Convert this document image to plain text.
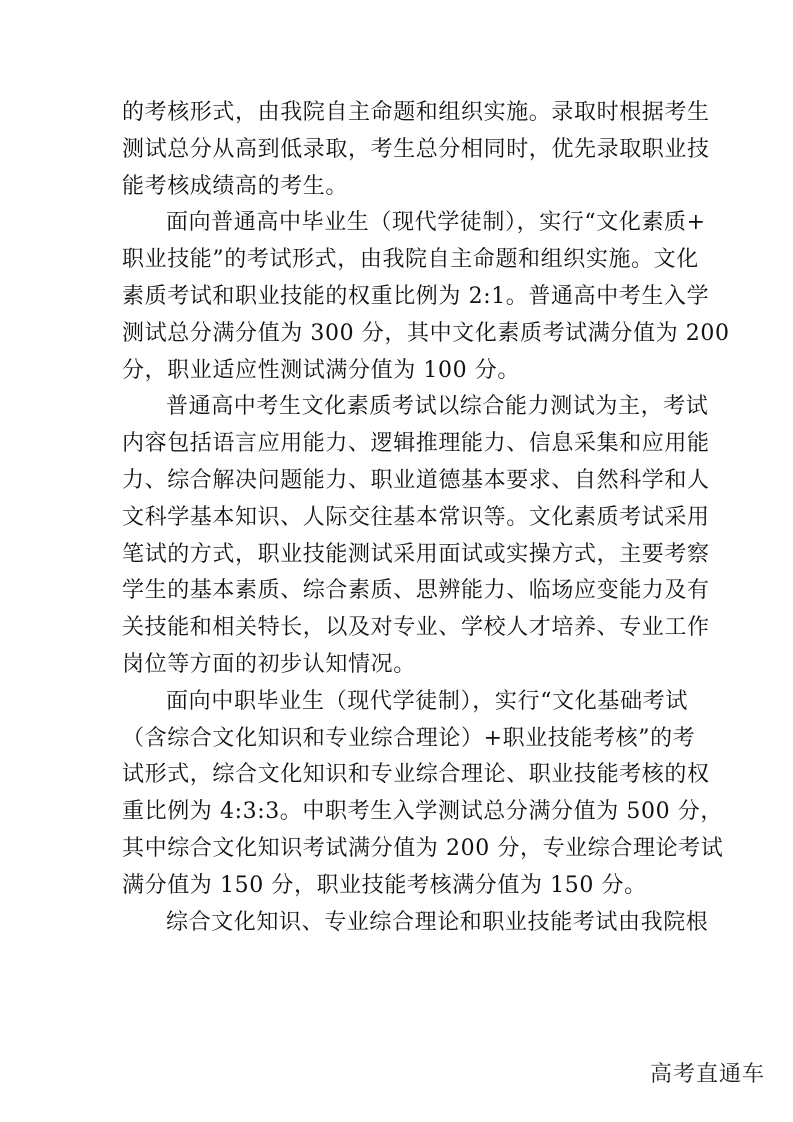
的考核形式，由我院自主命题和组织实施。录取时根据考生
测试总分从高到低录取，考生总分相同时，优先录取职业技
能考核成绩高的考生。
面向普通高中毕业生（现代学徒制），实行“文化素质+
职业技能”的考试形式，由我院自主命题和组织实施。文化
素质考试和职业技能的权重比例为 2:1。普通高中考生入学
测试总分满分值为 300 分，其中文化素质考试满分值为 200
分，职业适应性测试满分值为 100 分。
普通高中考生文化素质考试以综合能力测试为主，考试
内容包括语言应用能力、逻辑推理能力、信息采集和应用能
力、综合解决问题能力、职业道德基本要求、自然科学和人
文科学基本知识、人际交往基本常识等。文化素质考试采用
笔试的方式，职业技能测试采用面试或实操方式，主要考察
学生的基本素质、综合素质、思辨能力、临场应变能力及有
关技能和相关特长，以及对专业、学校人才培养、专业工作
岗位等方面的初步认知情况。
面向中职毕业生（现代学徒制），实行“文化基础考试
（含综合文化知识和专业综合理论）+职业技能考核”的考
试形式，综合文化知识和专业综合理论、职业技能考核的权
重比例为 4:3:3。中职考生入学测试总分满分值为 500 分，
其中综合文化知识考试满分值为 200 分，专业综合理论考试
满分值为 150 分，职业技能考核满分值为 150 分。
综合文化知识、专业综合理论和职业技能考试由我院根
高考直通车
